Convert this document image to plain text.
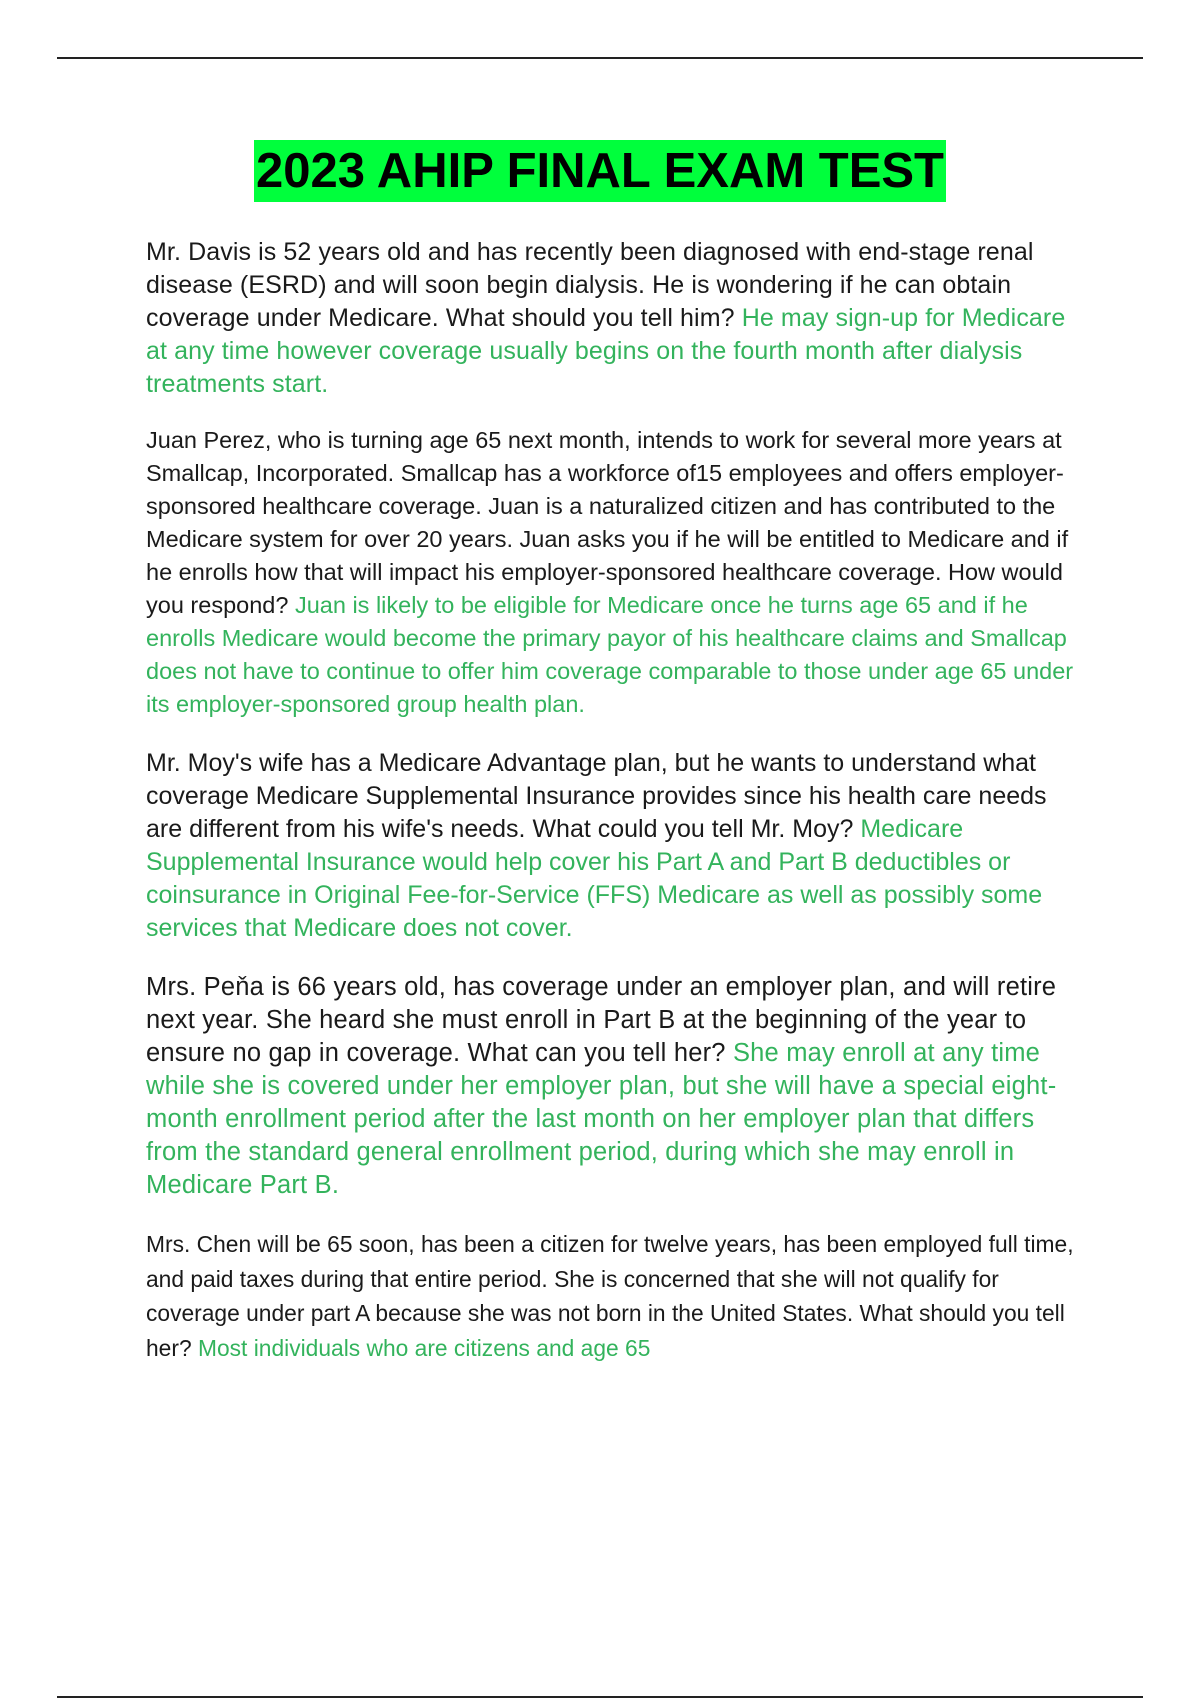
2023 AHIP FINAL EXAM TEST

Mr. Davis is 52 years old and has recently been diagnosed with end-stage renal disease (ESRD) and will soon begin dialysis. He is wondering if he can obtain coverage under Medicare. What should you tell him? He may sign-up for Medicare at any time however coverage usually begins on the fourth month after dialysis treatments start.

Juan Perez, who is turning age 65 next month, intends to work for several more years at Smallcap, Incorporated. Smallcap has a workforce of15 employees and offers employer-sponsored healthcare coverage. Juan is a naturalized citizen and has contributed to the Medicare system for over 20 years. Juan asks you if he will be entitled to Medicare and if he enrolls how that will impact his employer-sponsored healthcare coverage. How would you respond? Juan is likely to be eligible for Medicare once he turns age 65 and if he enrolls Medicare would become the primary payor of his healthcare claims and Smallcap does not have to continue to offer him coverage comparable to those under age 65 under its employer-sponsored group health plan.

Mr. Moy's wife has a Medicare Advantage plan, but he wants to understand what coverage Medicare Supplemental Insurance provides since his health care needs are different from his wife's needs. What could you tell Mr. Moy? Medicare Supplemental Insurance would help cover his Part A and Part B deductibles or coinsurance in Original Fee-for-Service (FFS) Medicare as well as possibly some services that Medicare does not cover.

Mrs. Peňa is 66 years old, has coverage under an employer plan, and will retire next year. She heard she must enroll in Part B at the beginning of the year to ensure no gap in coverage. What can you tell her? She may enroll at any time while she is covered under her employer plan, but she will have a special eight-month enrollment period after the last month on her employer plan that differs from the standard general enrollment period, during which she may enroll in Medicare Part B.

Mrs. Chen will be 65 soon, has been a citizen for twelve years, has been employed full time, and paid taxes during that entire period. She is concerned that she will not qualify for coverage under part A because she was not born in the United States. What should you tell her? Most individuals who are citizens and age 65
